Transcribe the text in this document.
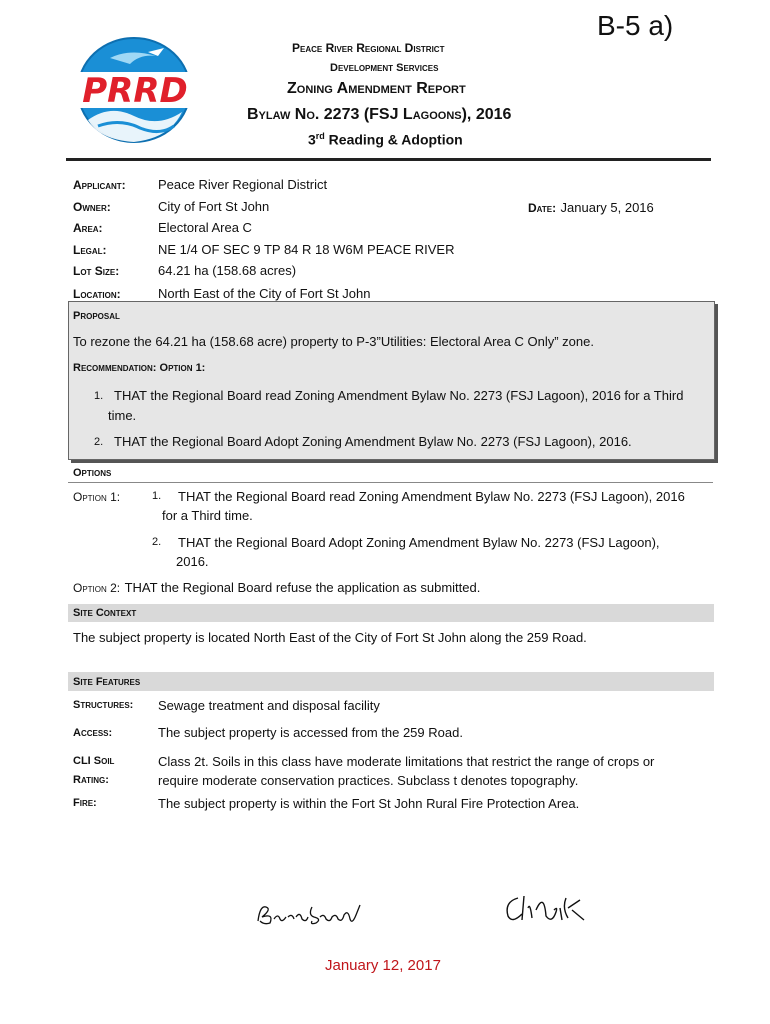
B-5 a)
PRRD
Peace River Regional District
Development Services
Zoning Amendment Report
Bylaw No. 2273 (FSJ Lagoons), 2016
3rd Reading & Adoption
Applicant: Peace River Regional District
Owner:	City of Fort St John
Area:	Electoral Area C
Legal:	NE 1/4 OF SEC 9 TP 84 R 18 W6M PEACE RIVER
Lot Size:	64.21 ha (158.68 acres)
Location:	North East of the City of Fort St John
Date: January 5, 2016
Proposal
To rezone the 64.21 ha (158.68 acre) property to P-3”Utilities: Electoral Area C Only” zone.
Recommendation: Option 1:
1. THAT the Regional Board read Zoning Amendment Bylaw No. 2273 (FSJ Lagoon), 2016 for a Third
time.
2. THAT the Regional Board Adopt Zoning Amendment Bylaw No. 2273 (FSJ Lagoon), 2016.
Options
Option 1:	1. THAT the Regional Board read Zoning Amendment Bylaw No. 2273 (FSJ Lagoon), 2016
for a Third time.
2. THAT the Regional Board Adopt Zoning Amendment Bylaw No. 2273 (FSJ Lagoon),
2016.
Option 2: THAT the Regional Board refuse the application as submitted.
Site Context
The subject property is located North East of the City of Fort St John along the 259 Road.
Site Features
Structures: Sewage treatment and disposal facility
Access:	The subject property is accessed from the 259 Road.
CLI Soil
Rating:
Class 2t. Soils in this class have moderate limitations that restrict the range of crops or
require moderate conservation practices. Subclass t denotes topography.
Fire:	The subject property is within the Fort St John Rural Fire Protection Area.
January 12, 2017
